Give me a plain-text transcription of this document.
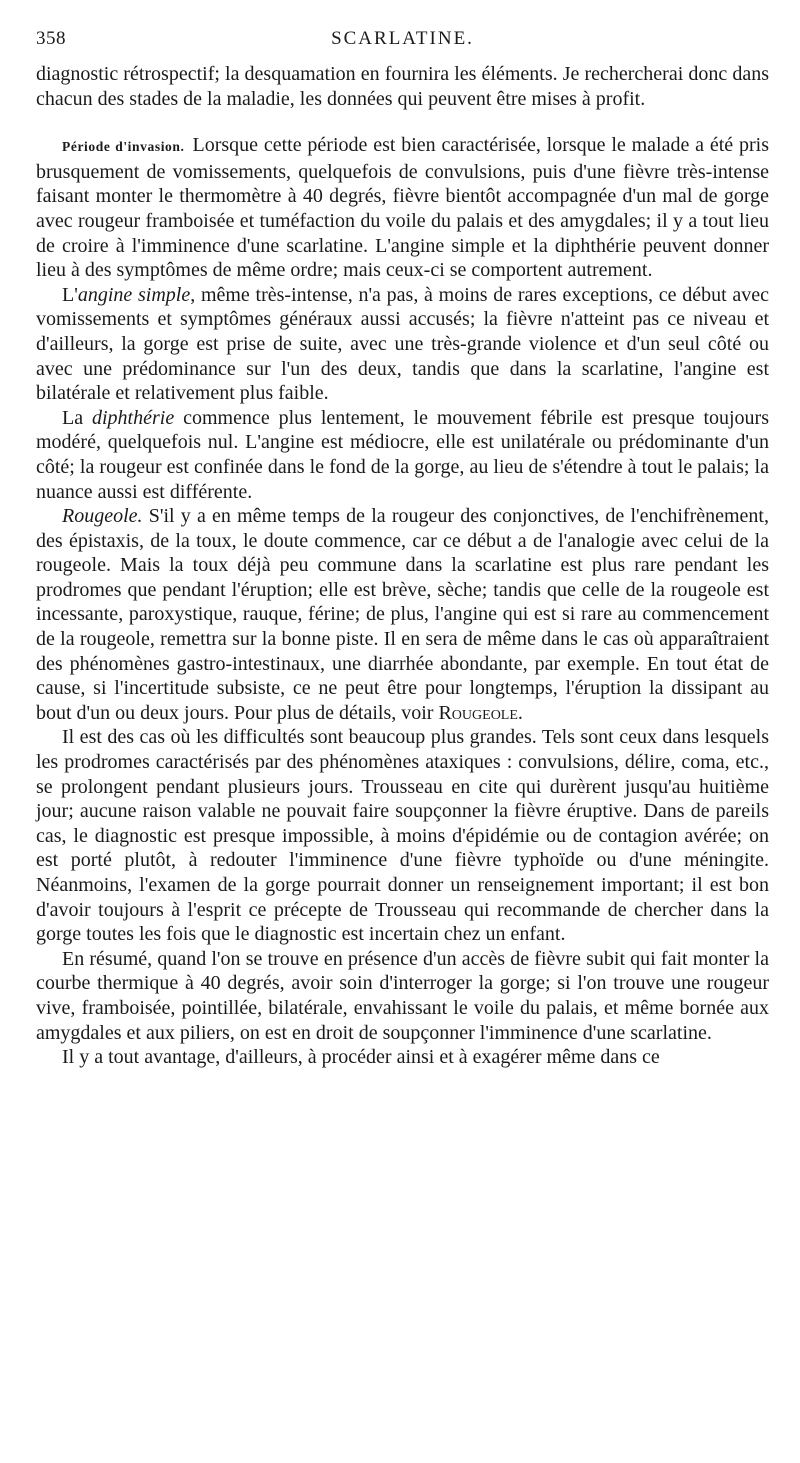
358	SCARLATINE.

diagnostic rétrospectif; la desquamation en fournira les éléments. Je rechercherai donc dans chacun des stades de la maladie, les données qui peuvent être mises à profit.

Période d'invasion. Lorsque cette période est bien caractérisée, lorsque le malade a été pris brusquement de vomissements, quelquefois de convulsions, puis d'une fièvre très-intense faisant monter le thermomètre à 40 degrés, fièvre bientôt accompagnée d'un mal de gorge avec rougeur framboisée et tuméfaction du voile du palais et des amygdales; il y a tout lieu de croire à l'imminence d'une scarlatine. L'angine simple et la diphthérie peuvent donner lieu à des symptômes de même ordre; mais ceux-ci se comportent autrement.

L'angine simple, même très-intense, n'a pas, à moins de rares exceptions, ce début avec vomissements et symptômes généraux aussi accusés; la fièvre n'atteint pas ce niveau et d'ailleurs, la gorge est prise de suite, avec une très-grande violence et d'un seul côté ou avec une prédominance sur l'un des deux, tandis que dans la scarlatine, l'angine est bilatérale et relativement plus faible.

La diphthérie commence plus lentement, le mouvement fébrile est presque toujours modéré, quelquefois nul. L'angine est médiocre, elle est unilatérale ou prédominante d'un côté; la rougeur est confinée dans le fond de la gorge, au lieu de s'étendre à tout le palais; la nuance aussi est différente.

Rougeole. S'il y a en même temps de la rougeur des conjonctives, de l'enchifrènement, des épistaxis, de la toux, le doute commence, car ce début a de l'analogie avec celui de la rougeole. Mais la toux déjà peu commune dans la scarlatine est plus rare pendant les prodromes que pendant l'éruption; elle est brève, sèche; tandis que celle de la rougeole est incessante, paroxystique, rauque, férine; de plus, l'angine qui est si rare au commencement de la rougeole, remettra sur la bonne piste. Il en sera de même dans le cas où apparaîtraient des phénomènes gastro-intestinaux, une diarrhée abondante, par exemple. En tout état de cause, si l'incertitude subsiste, ce ne peut être pour longtemps, l'éruption la dissipant au bout d'un ou deux jours. Pour plus de détails, voir Rougeole.

Il est des cas où les difficultés sont beaucoup plus grandes. Tels sont ceux dans lesquels les prodromes caractérisés par des phénomènes ataxiques : convulsions, délire, coma, etc., se prolongent pendant plusieurs jours. Trousseau en cite qui durèrent jusqu'au huitième jour; aucune raison valable ne pouvait faire soupçonner la fièvre éruptive. Dans de pareils cas, le diagnostic est presque impossible, à moins d'épidémie ou de contagion avérée; on est porté plutôt, à redouter l'imminence d'une fièvre typhoïde ou d'une méningite. Néanmoins, l'examen de la gorge pourrait donner un renseignement important; il est bon d'avoir toujours à l'esprit ce précepte de Trousseau qui recommande de chercher dans la gorge toutes les fois que le diagnostic est incertain chez un enfant.

En résumé, quand l'on se trouve en présence d'un accès de fièvre subit qui fait monter la courbe thermique à 40 degrés, avoir soin d'interroger la gorge; si l'on trouve une rougeur vive, framboisée, pointillée, bilatérale, envahissant le voile du palais, et même bornée aux amygdales et aux piliers, on est en droit de soupçonner l'imminence d'une scarlatine.

Il y a tout avantage, d'ailleurs, à procéder ainsi et à exagérer même dans ce
